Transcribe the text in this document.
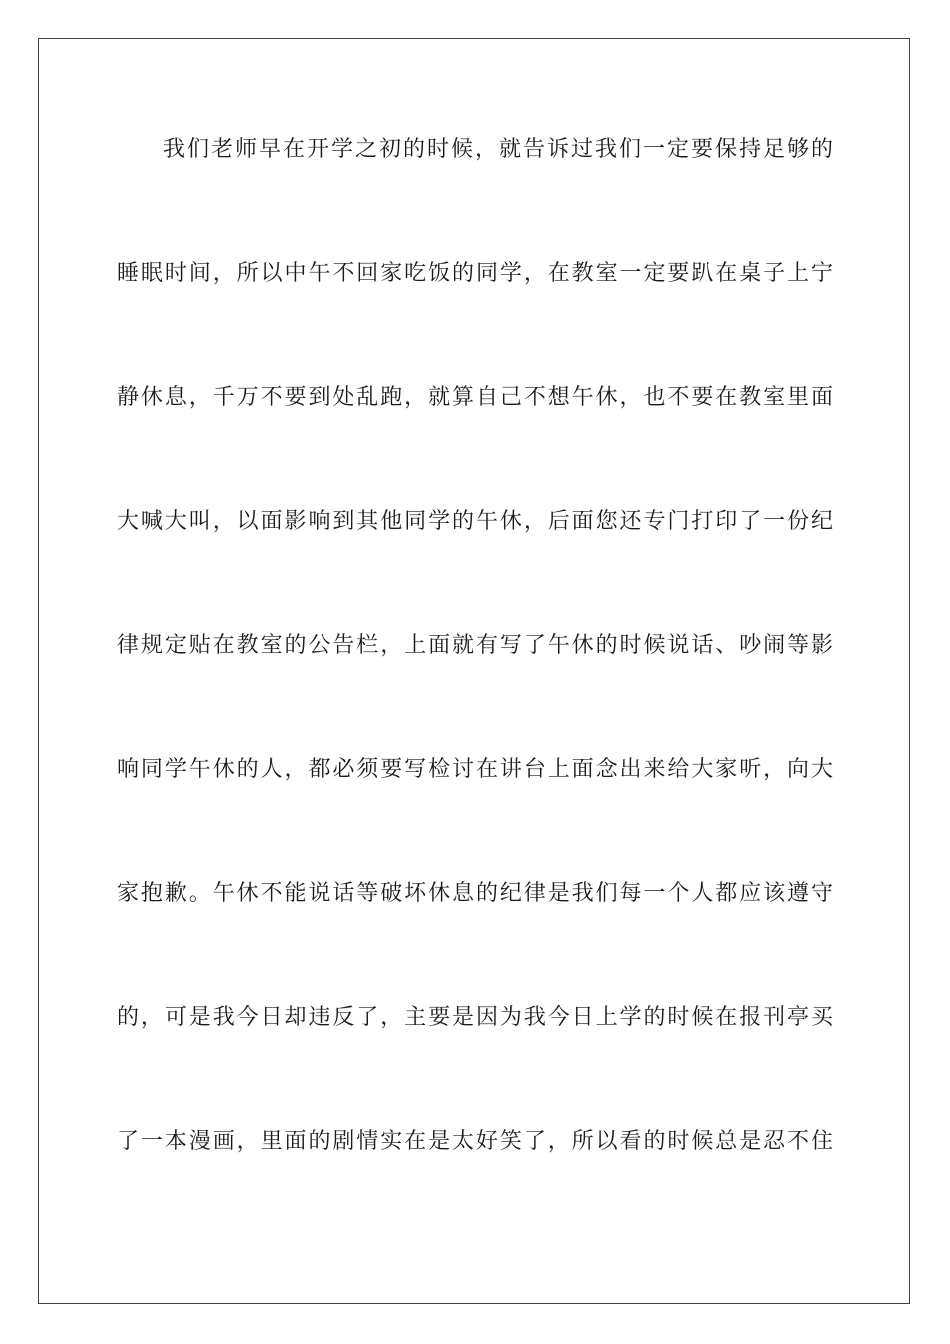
我们老师早在开学之初的时候，就告诉过我们一定要保持足够的
睡眠时间，所以中午不回家吃饭的同学，在教室一定要趴在桌子上宁
静休息，千万不要到处乱跑，就算自己不想午休，也不要在教室里面
大喊大叫，以面影响到其他同学的午休，后面您还专门打印了一份纪
律规定贴在教室的公告栏，上面就有写了午休的时候说话、吵闹等影
响同学午休的人，都必须要写检讨在讲台上面念出来给大家听，向大
家抱歉。午休不能说话等破坏休息的纪律是我们每一个人都应该遵守
的，可是我今日却违反了，主要是因为我今日上学的时候在报刊亭买
了一本漫画，里面的剧情实在是太好笑了，所以看的时候总是忍不住
